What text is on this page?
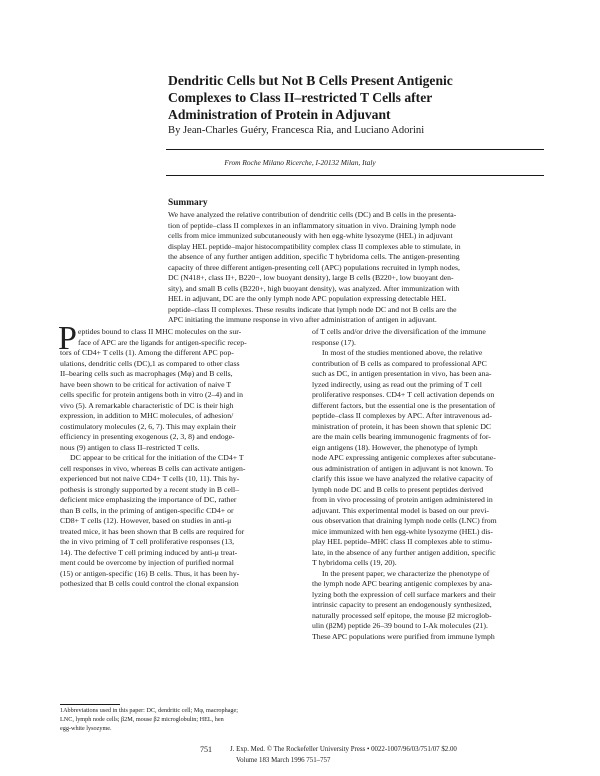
Dendritic Cells but Not B Cells Present Antigenic
Complexes to Class II–restricted T Cells after
Administration of Protein in Adjuvant
By Jean-Charles Guéry, Francesca Ria, and Luciano Adorini
From Roche Milano Ricerche, I-20132 Milan, Italy
Summary
We have analyzed the relative contribution of dendritic cells (DC) and B cells in the presenta-
tion of peptide–class II complexes in an inflammatory situation in vivo. Draining lymph node
cells from mice immunized subcutaneously with hen egg-white lysozyme (HEL) in adjuvant
display HEL peptide–major histocompatibility complex class II complexes able to stimulate, in
the absence of any further antigen addition, specific T hybridoma cells. The antigen-presenting
capacity of three different antigen-presenting cell (APC) populations recruited in lymph nodes,
DC (N418+, class II+, B220−, low buoyant density), large B cells (B220+, low buoyant den-
sity), and small B cells (B220+, high buoyant density), was analyzed. After immunization with
HEL in adjuvant, DC are the only lymph node APC population expressing detectable HEL
peptide–class II complexes. These results indicate that lymph node DC and not B cells are the
APC initiating the immune response in vivo after administration of antigen in adjuvant.
P eptides bound to class II MHC molecules on the sur-
face of APC are the ligands for antigen-specific recep-
tors of CD4+ T cells (1). Among the different APC pop-
ulations, dendritic cells (DC),1 as compared to other class
II–bearing cells such as macrophages (Mφ) and B cells,
have been shown to be critical for activation of naive T
cells specific for protein antigens both in vitro (2–4) and in
vivo (5). A remarkable characteristic of DC is their high
expression, in addition to MHC molecules, of adhesion/
costimulatory molecules (2, 6, 7). This may explain their
efficiency in presenting exogenous (2, 3, 8) and endoge-
nous (9) antigen to class II–restricted T cells.
DC appear to be critical for the initiation of the CD4+ T
cell responses in vivo, whereas B cells can activate antigen-
experienced but not naive CD4+ T cells (10, 11). This hy-
pothesis is strongly supported by a recent study in B cell–
deficient mice emphasizing the importance of DC, rather
than B cells, in the priming of antigen-specific CD4+ or
CD8+ T cells (12). However, based on studies in anti-μ
treated mice, it has been shown that B cells are required for
the in vivo priming of T cell proliferative responses (13,
14). The defective T cell priming induced by anti-μ treat-
ment could be overcome by injection of purified normal
(15) or antigen-specific (16) B cells. Thus, it has been hy-
pothesized that B cells could control the clonal expansion
of T cells and/or drive the diversification of the immune
response (17).
In most of the studies mentioned above, the relative
contribution of B cells as compared to professional APC
such as DC, in antigen presentation in vivo, has been ana-
lyzed indirectly, using as read out the priming of T cell
proliferative responses. CD4+ T cell activation depends on
different factors, but the essential one is the presentation of
peptide–class II complexes by APC. After intravenous ad-
ministration of protein, it has been shown that splenic DC
are the main cells bearing immunogenic fragments of for-
eign antigens (18). However, the phenotype of lymph
node APC expressing antigenic complexes after subcutane-
ous administration of antigen in adjuvant is not known. To
clarify this issue we have analyzed the relative capacity of
lymph node DC and B cells to present peptides derived
from in vivo processing of protein antigen administered in
adjuvant. This experimental model is based on our previ-
ous observation that draining lymph node cells (LNC) from
mice immunized with hen egg-white lysozyme (HEL) dis-
play HEL peptide–MHC class II complexes able to stimu-
late, in the absence of any further antigen addition, specific
T hybridoma cells (19, 20).
In the present paper, we characterize the phenotype of
the lymph node APC bearing antigenic complexes by ana-
lyzing both the expression of cell surface markers and their
intrinsic capacity to present an endogenously synthesized,
naturally processed self epitope, the mouse β2 microglob-
ulin (β2M) peptide 26–39 bound to I-Ak molecules (21).
These APC populations were purified from immune lymph
1Abbreviations used in this paper: DC, dendritic cell; Mφ, macrophage;
LNC, lymph node cells; β2M, mouse β2 microglobulin; HEL, hen
egg-white lysozyme.
751	J. Exp. Med. © The Rockefeller University Press • 0022-1007/96/03/751/07 $2.00
Volume 183 March 1996 751–757
